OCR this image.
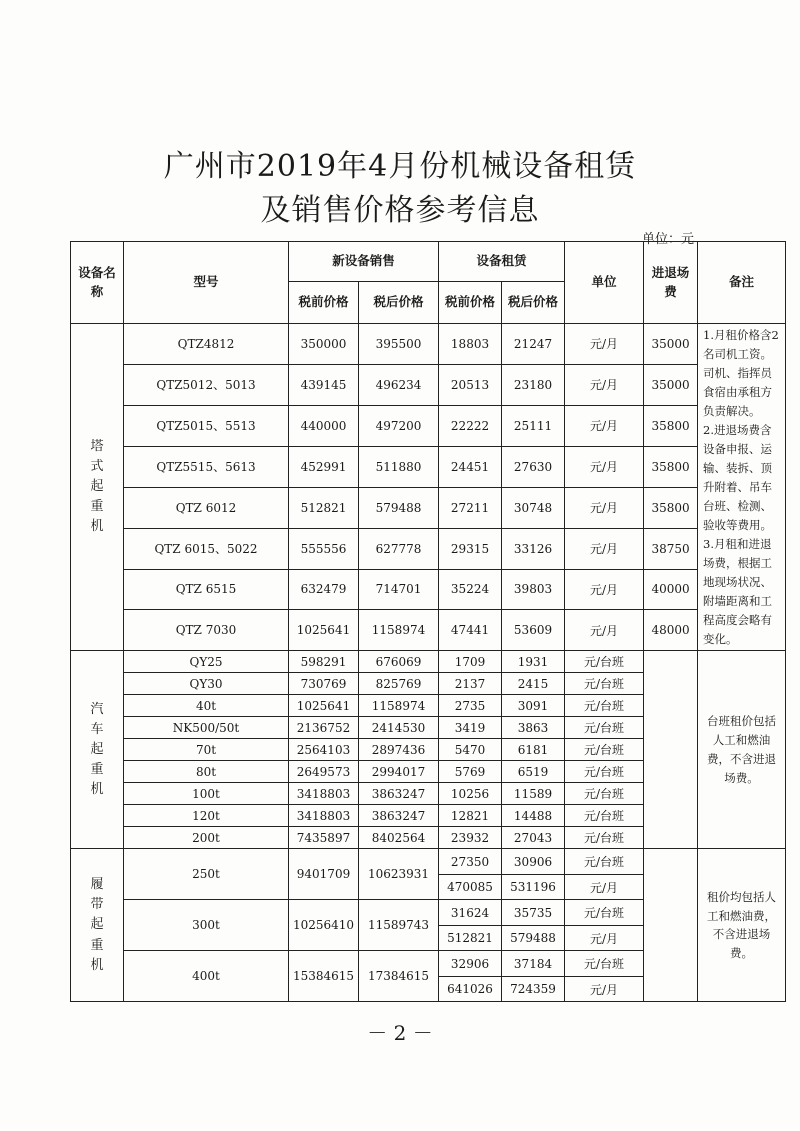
广州市2019年4月份机械设备租赁
及销售价格参考信息
单位：元
设备名称	型号	新设备销售		设备租赁		单位	进退场费	备注
		税前价格	税后价格	税前价格	税后价格			
塔式起重机	QTZ4812	350000	395500	18803	21247	元/月	35000	1.月租价格含2名司机工资。司机、指挥员食宿由承租方负责解决。
2.进退场费含设备申报、运输、装拆、顶升附着、吊车台班、检测、验收等费用。
3.月租和进退场费，根据工地现场状况、附墙距离和工程高度会略有变化。
	QTZ5012、5013	439145	496234	20513	23180	元/月	35000	
	QTZ5015、5513	440000	497200	22222	25111	元/月	35800	
	QTZ5515、5613	452991	511880	24451	27630	元/月	35800	
	QTZ 6012	512821	579488	27211	30748	元/月	35800	
	QTZ 6015、5022	555556	627778	29315	33126	元/月	38750	
	QTZ 6515	632479	714701	35224	39803	元/月	40000	
	QTZ 7030	1025641	1158974	47441	53609	元/月	48000	
汽车起重机	QY25	598291	676069	1709	1931	元/台班		台班租价包括人工和燃油费，不含进退场费。
	QY30	730769	825769	2137	2415	元/台班		
	40t	1025641	1158974	2735	3091	元/台班		
	NK500/50t	2136752	2414530	3419	3863	元/台班		
	70t	2564103	2897436	5470	6181	元/台班		
	80t	2649573	2994017	5769	6519	元/台班		
	100t	3418803	3863247	10256	11589	元/台班		
	120t	3418803	3863247	12821	14488	元/台班		
	200t	7435897	8402564	23932	27043	元/台班		
履带起重机	250t	9401709	10623931	27350	30906	元/台班		租价均包括人工和燃油费，不含进退场费。
				470085	531196	元/月		
	300t	10256410	11589743	31624	35735	元/台班		
				512821	579488	元/月		
	400t	15384615	17384615	32906	37184	元/台班		
				641026	724359	元/月		
－ 2 －
